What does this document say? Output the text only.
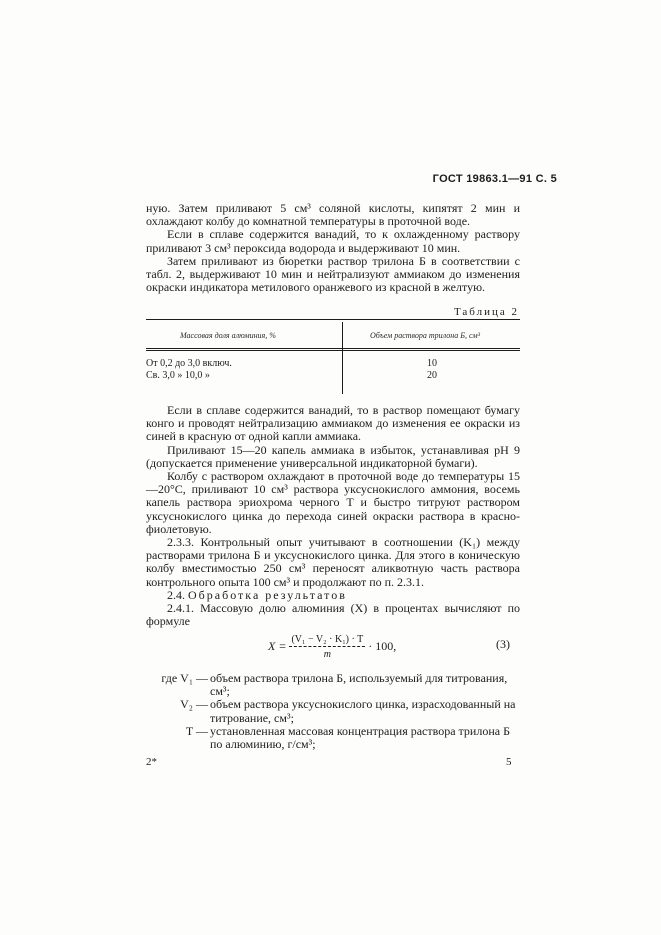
ГОСТ 19863.1—91 С. 5

ную. Затем приливают 5 см³ соляной кислоты, кипятят 2 мин и охлаждают колбу до комнатной температуры в проточной воде.

Если в сплаве содержится ванадий, то к охлажденному раствору приливают 3 см³ пероксида водорода и выдерживают 10 мин.

Затем приливают из бюретки раствор трилона Б в соответствии с табл. 2, выдерживают 10 мин и нейтрализуют аммиаком до изменения окраски индикатора метилового оранжевого из красной в желтую.

Таблица 2
Массовая доля алюминия, %	Объем раствора трилона Б, см³
От 0,2 до 3,0 включ.	10
Св. 3,0 » 10,0 »	20

Если в сплаве содержится ванадий, то в раствор помещают бумагу конго и проводят нейтрализацию аммиаком до изменения ее окраски из синей в красную от одной капли аммиака.

Приливают 15—20 капель аммиака в избыток, устанавливая рН 9 (допускается применение универсальной индикаторной бумаги).

Колбу с раствором охлаждают в проточной воде до температуры 15—20°С, приливают 10 см³ раствора уксуснокислого аммония, восемь капель раствора эриохрома черного Т и быстро титруют раствором уксуснокислого цинка до перехода синей окраски раствора в красно-фиолетовую.

2.3.3. Контрольный опыт учитывают в соотношении (K₁) между растворами трилона Б и уксуснокислого цинка. Для этого в коническую колбу вместимостью 250 см³ переносят аликвотную часть раствора контрольного опыта 100 см³ и продолжают по п. 2.3.1.

2.4. Обработка результатов

2.4.1. Массовую долю алюминия (X) в процентах вычисляют по формуле

$X = \frac{\text{(V₁ − V₂ · K₁) · T}}{m} \cdot 100$,	(3)
где V₁ — объем раствора трилона Б, используемый для титрования, см³;
V₂ — объем раствора уксуснокислого цинка, израсходованный на титрование, см³;
T — установленная массовая концентрация раствора трилона Б по алюминию, г/см³;
2*	5
